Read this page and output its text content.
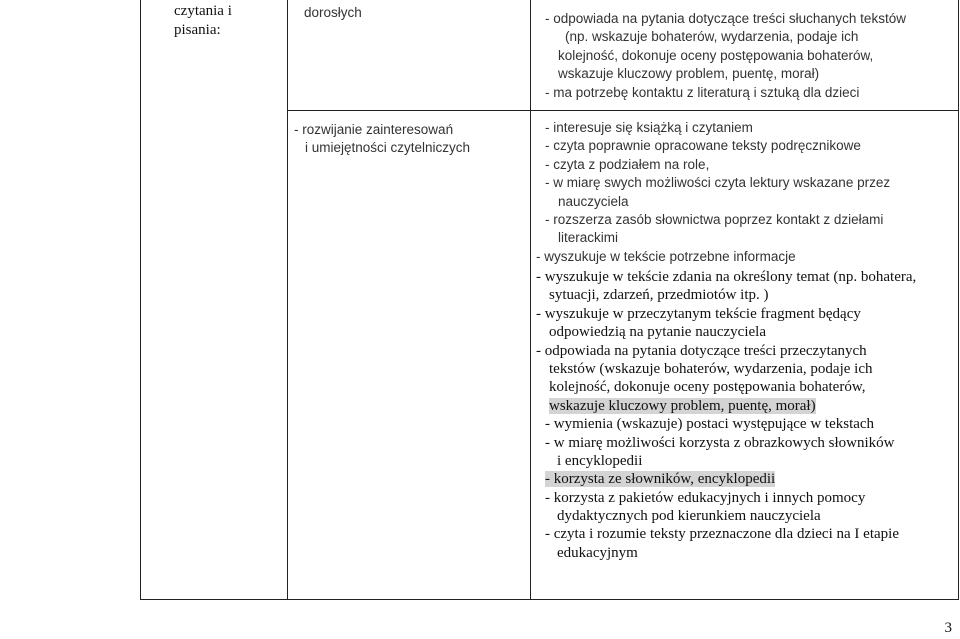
czytania i
pisania:
dorosłych
- rozwijanie zainteresowań
i umiejętności czytelniczych
- odpowiada na pytania dotyczące treści słuchanych tekstów
(np. wskazuje bohaterów, wydarzenia, podaje ich
kolejność, dokonuje oceny postępowania bohaterów,
wskazuje kluczowy problem, puentę, morał)
- ma potrzebę kontaktu z literaturą i sztuką dla dzieci
- interesuje się książką i czytaniem
- czyta poprawnie opracowane teksty podręcznikowe
- czyta z podziałem na role,
- w miarę swych możliwości czyta lektury wskazane przez
nauczyciela
- rozszerza zasób słownictwa poprzez kontakt z dziełami
literackimi
- wyszukuje w tekście potrzebne informacje
- wyszukuje w tekście zdania na określony temat (np. bohatera,
sytuacji, zdarzeń, przedmiotów itp. )
- wyszukuje w przeczytanym tekście fragment będący
odpowiedzią na pytanie nauczyciela
- odpowiada na pytania dotyczące treści przeczytanych
tekstów (wskazuje bohaterów, wydarzenia, podaje ich
kolejność, dokonuje oceny postępowania bohaterów,
wskazuje kluczowy problem, puentę, morał)
- wymienia (wskazuje) postaci występujące w tekstach
- w miarę możliwości korzysta z obrazkowych słowników
i encyklopedii
- korzysta ze słowników, encyklopedii
- korzysta z pakietów edukacyjnych i innych pomocy
dydaktycznych pod kierunkiem nauczyciela
- czyta i rozumie teksty przeznaczone dla dzieci na I etapie
edukacyjnym
3
